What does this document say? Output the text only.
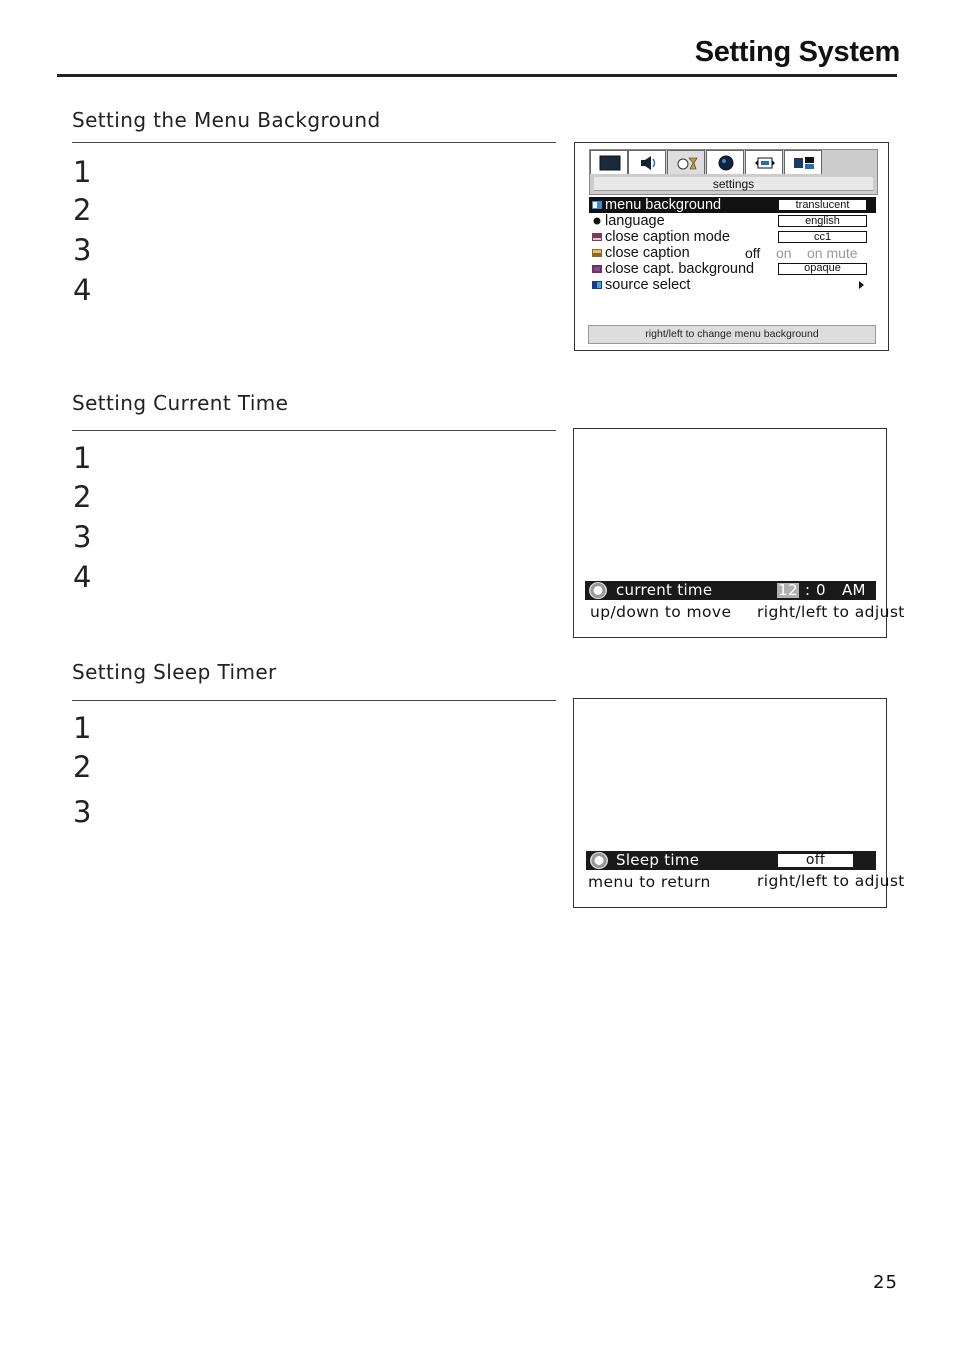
Setting System
Setting the Menu Background
1
2
3
4
settings
menu background	translucent
language	english
close caption mode	cc1
close caption	off on on mute
close capt. background	opaque
source select
right/left to change menu background
Setting Current Time
1
2
3
4	current time	12 : 0 AM
up/down to move right/left to adjust
Setting Sleep Timer
1
2
3
Sleep time	off
menu to return	right/left to adjust
25
